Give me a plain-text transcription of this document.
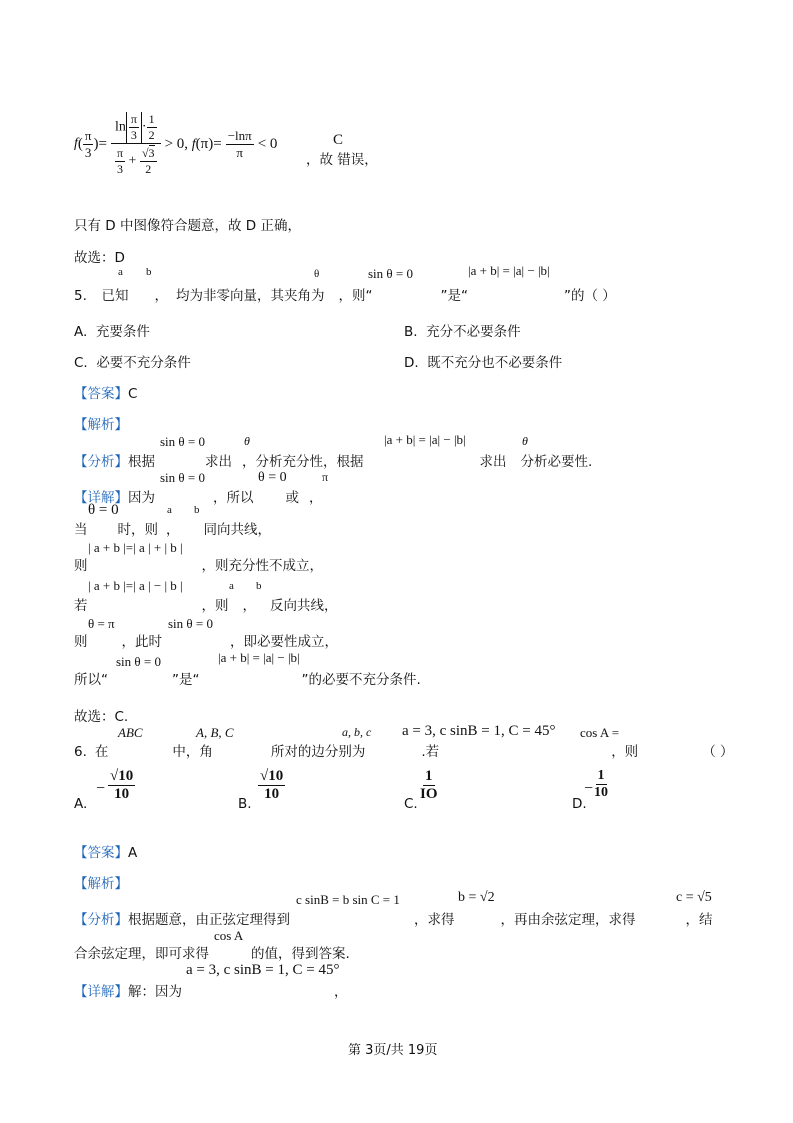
f ( $\frac{\pi}{3}$ )= $\frac{\ln \frac{\pi}{3} \cdot \frac{1}{2}}{\frac{\pi}{3} + \frac{√3}{2}} > 0$, $f(\pi)= \frac{-\ln\pi}{\pi} < 0$	C
，故 错误，
只有 D 中图像符合题意，故 D 正确，
故选：D
a b	θ	sin θ = 0	|a + b| = |a| − |b|
5. 已知 ， 均为非零向量，其夹角为 ，则“	”是“	”的（ ）
A. 充要条件	B. 充分不必要条件
C. 必要不充分条件	D. 既不充分也不必要条件
【答案】C
【解析】
sin θ = 0	θ	|a + b| = |a| − |b|	θ
【分析】根据	求出 ，分析充分性，根据	求出 分析必要性.
sin θ = 0	θ = 0	π
【详解】因为	，所以 或 ，
θ = 0	a b
当 时，则 ， 同向共线，
| a + b |=| a | + | b |
则	，则充分性不成立，
| a + b |=| a | − | b |	a b
若	，则 ， 反向共线，
θ = π	sin θ = 0
则	，此时	，即必要性成立，
sin θ = 0	|a + b| = |a| − |b|
所以“	”是“	”的必要不充分条件.
故选：C.
ABC	A, B, C	a, b, c a = 3, c sinB = 1, C = 45° cos A =
6. 在	中，角	所对的边分别为	.若	，则	（ ）
A.
− $\frac{√10}{10}$
B.
$\frac{√10}{10}$
C.
$\frac{1}{IO}$
D.
−
$\frac{1}{10}$
【答案】A
【解析】
c sinB = b sin C = 1	b = √2	c = √5
【分析】根据题意，由正弦定理得到	，求得	，再由余弦定理，求得	，结
cos A
合余弦定理，即可求得	的值，得到答案.
a = 3, c sinB = 1, C = 45°
【详解】解：因为	，
第 3页/共 19页
